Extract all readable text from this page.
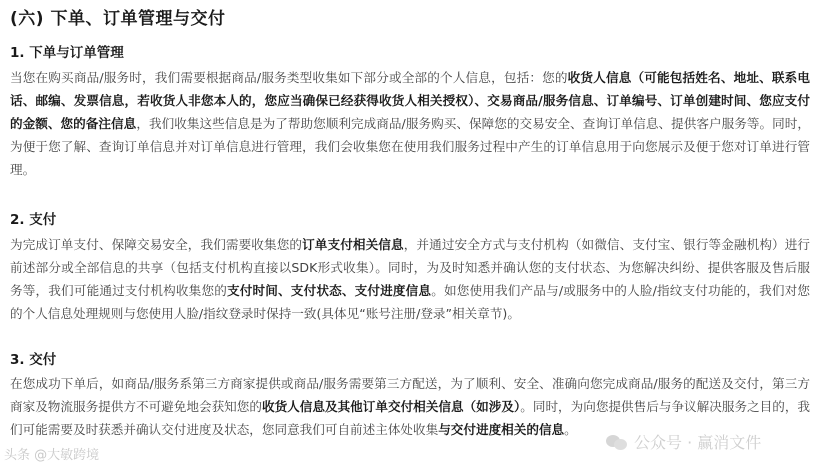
(六) 下单、订单管理与交付
1. 下单与订单管理
当您在购买商品/服务时，我们需要根据商品/服务类型收集如下部分或全部的个人信息，包括：您的收货人信息（可能包括姓名、地址、联系电话、邮编、发票信息，若收货人非您本人的，您应当确保已经获得收货人相关授权）、交易商品/服务信息、订单编号、订单创建时间、您应支付的金额、您的备注信息，我们收集这些信息是为了帮助您顺利完成商品/服务购买、保障您的交易安全、查询订单信息、提供客户服务等。同时，为便于您了解、查询订单信息并对订单信息进行管理，我们会收集您在使用我们服务过程中产生的订单信息用于向您展示及便于您对订单进行管理。
2. 支付
为完成订单支付、保障交易安全，我们需要收集您的订单支付相关信息，并通过安全方式与支付机构（如微信、支付宝、银行等金融机构）进行前述部分或全部信息的共享（包括支付机构直接以SDK形式收集）。同时，为及时知悉并确认您的支付状态、为您解决纠纷、提供客服及售后服务等，我们可能通过支付机构收集您的支付时间、支付状态、支付进度信息。如您使用我们产品与/或服务中的人脸/指纹支付功能的，我们对您的个人信息处理规则与您使用人脸/指纹登录时保持一致(具体见“账号注册/登录”相关章节)。
3. 交付
在您成功下单后，如商品/服务系第三方商家提供或商品/服务需要第三方配送，为了顺利、安全、准确向您完成商品/服务的配送及交付，第三方商家及物流服务提供方不可避免地会获知您的收货人信息及其他订单交付相关信息（如涉及）。同时，为向您提供售后与争议解决服务之目的，我们可能需要及时获悉并确认交付进度及状态，您同意我们可自前述主体处收集与交付进度相关的信息。
头条 @大敏跨境
公众号 · 赢消文件
